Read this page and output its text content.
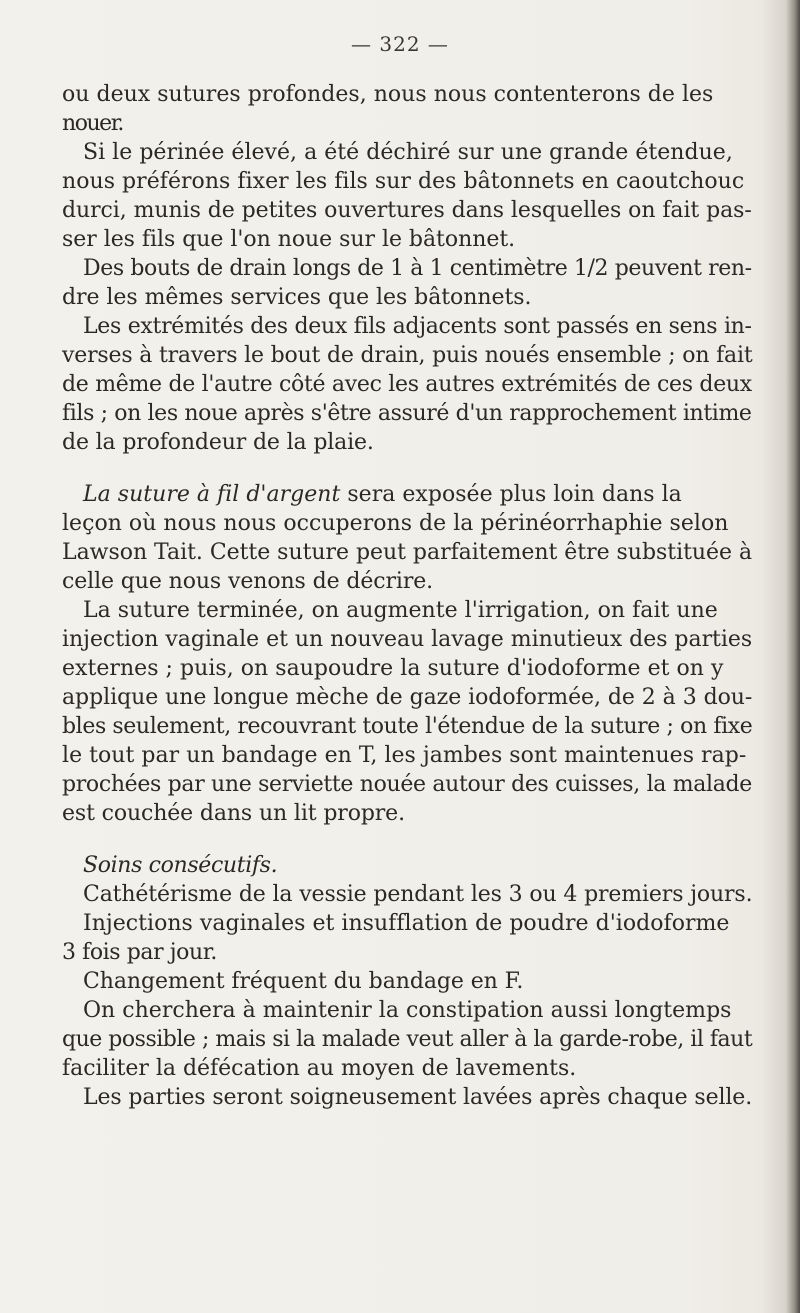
— 322 —
ou deux sutures profondes, nous nous contenterons de les
nouer.
Si le périnée élevé, a été déchiré sur une grande étendue,
nous préférons fixer les fils sur des bâtonnets en caoutchouc
durci, munis de petites ouvertures dans lesquelles on fait pas-
ser les fils que l'on noue sur le bâtonnet.
Des bouts de drain longs de 1 à 1 centimètre 1/2 peuvent ren-
dre les mêmes services que les bâtonnets.
Les extrémités des deux fils adjacents sont passés en sens in-
verses à travers le bout de drain, puis noués ensemble ; on fait
de même de l'autre côté avec les autres extrémités de ces deux
fils ; on les noue après s'être assuré d'un rapprochement intime
de la profondeur de la plaie.
La suture à fil d'argent sera exposée plus loin dans la
leçon où nous nous occuperons de la périnéorrhaphie selon
Lawson Tait. Cette suture peut parfaitement être substituée à
celle que nous venons de décrire.
La suture terminée, on augmente l'irrigation, on fait une
injection vaginale et un nouveau lavage minutieux des parties
externes ; puis, on saupoudre la suture d'iodoforme et on y
applique une longue mèche de gaze iodoformée, de 2 à 3 dou-
bles seulement, recouvrant toute l'étendue de la suture ; on fixe
le tout par un bandage en T, les jambes sont maintenues rap-
prochées par une serviette nouée autour des cuisses, la malade
est couchée dans un lit propre.
Soins consécutifs.
Cathétérisme de la vessie pendant les 3 ou 4 premiers jours.
Injections vaginales et insufflation de poudre d'iodoforme
3 fois par jour.
Changement fréquent du bandage en F.
On cherchera à maintenir la constipation aussi longtemps
que possible ; mais si la malade veut aller à la garde-robe, il faut
faciliter la défécation au moyen de lavements.
Les parties seront soigneusement lavées après chaque selle.
